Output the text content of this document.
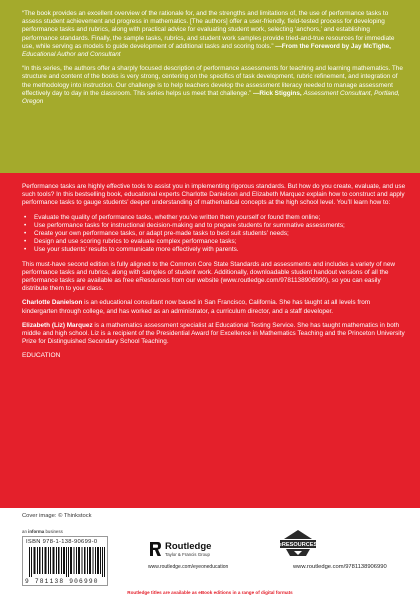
“The book provides an excellent overview of the rationale for, and the strengths and limitations of, the use of performance tasks to assess student achievement and progress in mathematics. [The authors] offer a user-friendly, field-tested process for developing performance tasks and rubrics, along with practical advice for evaluating student work, selecting ‘anchors,’ and establishing performance standards. Finally, the sample tasks, rubrics, and student work samples provide tried-and-true resources for immediate use, while serving as models to guide development of additional tasks and scoring tools.” —From the Foreword by Jay McTighe, Educational Author and Consultant

“In this series, the authors offer a sharply focused description of performance assessments for teaching and learning mathematics. The structure and content of the books is very strong, centering on the specifics of task development, rubric refinement, and integration of the methodology into instruction. Our challenge is to help teachers develop the assessment literacy needed to manage assessment effectively day to day in the classroom. This series helps us meet that challenge.” —Rick Stiggins, Assessment Consultant, Portland, Oregon

Performance tasks are highly effective tools to assist you in implementing rigorous standards. But how do you create, evaluate, and use such tools? In this bestselling book, educational experts Charlotte Danielson and Elizabeth Marquez explain how to construct and apply performance tasks to gauge students’ deeper understanding of mathematical concepts at the high school level. You’ll learn how to:

• Evaluate the quality of performance tasks, whether you’ve written them yourself or found them online;
• Use performance tasks for instructional decision-making and to prepare students for summative assessments;
• Create your own performance tasks, or adapt pre-made tasks to best suit students’ needs;
• Design and use scoring rubrics to evaluate complex performance tasks;
• Use your students’ results to communicate more effectively with parents.

This must-have second edition is fully aligned to the Common Core State Standards and assessments and includes a variety of new performance tasks and rubrics, along with samples of student work. Additionally, downloadable student handout versions of all the performance tasks are available as free eResources from our website (www.routledge.com/9781138906990), so you can easily distribute them to your class.

Charlotte Danielson is an educational consultant now based in San Francisco, California. She has taught at all levels from kindergarten through college, and has worked as an administrator, a curriculum director, and a staff developer.

Elizabeth (Liz) Marquez is a mathematics assessment specialist at Educational Testing Service. She has taught mathematics in both middle and high school. Liz is a recipient of the Presidential Award for Excellence in Mathematics Teaching and the Princeton University Prize for Distinguished Secondary School Teaching.

EDUCATION

Cover image: © Thinkstock
an informa business
ISBN 978-1-138-90699-0
9 781138 906990
Routledge
Taylor & Francis Group
www.routledge.com/eyeoneducation
eRESOURCES
www.routledge.com/9781138906990
Routledge titles are available as eBook editions in a range of digital formats
